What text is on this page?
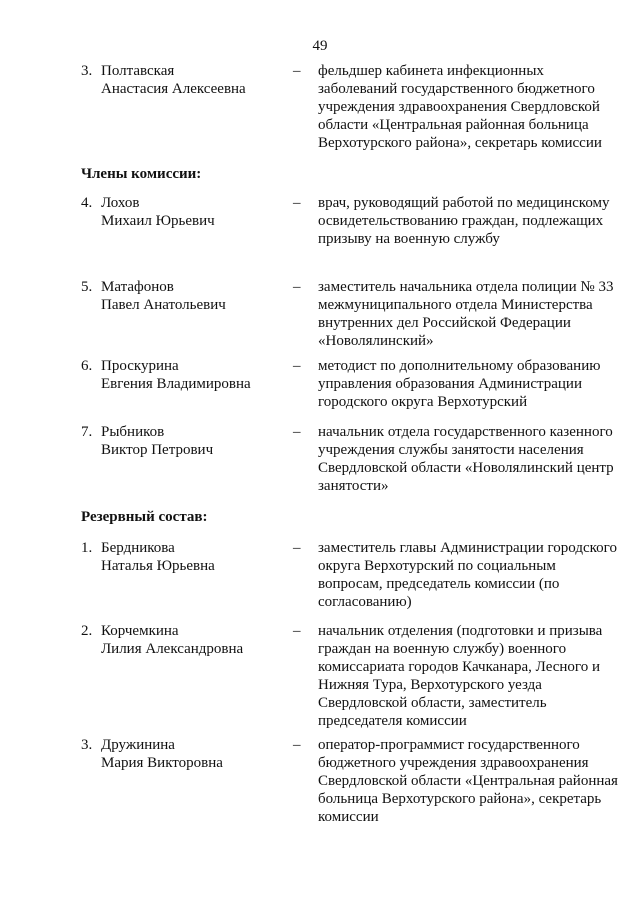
49
3. Полтавская
Анастасия Алексеевна
–	фельдшер кабинета инфекционных заболеваний государственного бюджетного учреждения здравоохранения Свердловской области «Центральная районная больница Верхотурского района», секретарь комиссии
Члены комиссии:
4. Лохов
Михаил Юрьевич
–	врач, руководящий работой по медицинскому освидетельствованию граждан, подлежащих призыву на военную службу
5. Матафонов
Павел Анатольевич
–	заместитель начальника отдела полиции № 33 межмуниципального отдела Министерства внутренних дел Российской Федерации «Новолялинский»
6. Проскурина
Евгения Владимировна
–	методист по дополнительному образованию управления образования Администрации городского округа Верхотурский
7. Рыбников
Виктор Петрович
–	начальник отдела государственного казенного учреждения службы занятости населения Свердловской области «Новолялинский центр занятости»
Резервный состав:
1. Бердникова
Наталья Юрьевна
–	заместитель главы Администрации городского округа Верхотурский по социальным вопросам, председатель комиссии (по согласованию)
2. Корчемкина
Лилия Александровна
–	начальник отделения (подготовки и призыва граждан на военную службу) военного комиссариата городов Качканара, Лесного и Нижняя Тура, Верхотурского уезда Свердловской области, заместитель председателя комиссии
3. Дружинина
Мария Викторовна
–	оператор-программист государственного бюджетного учреждения здравоохранения Свердловской области «Центральная районная больница Верхотурского района», секретарь комиссии
